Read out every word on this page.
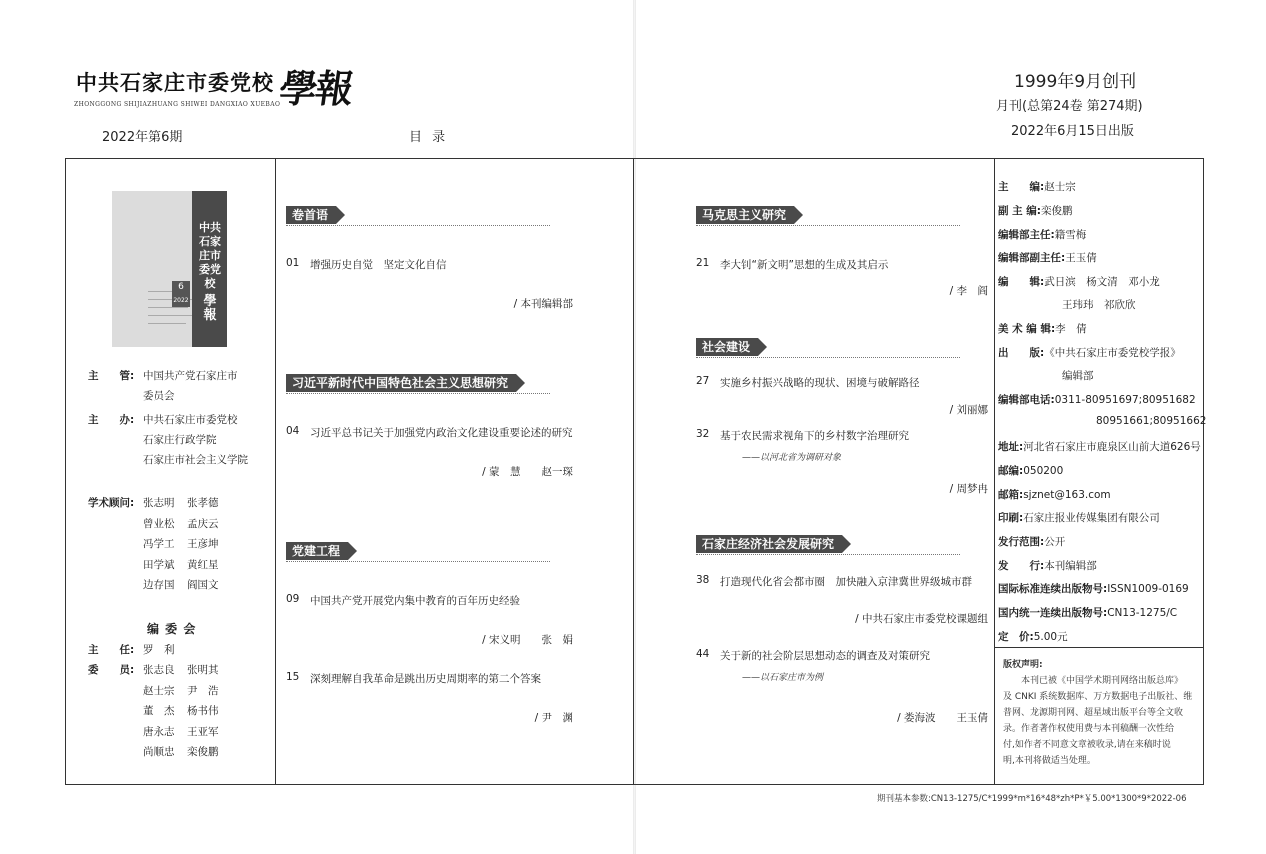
中共石家庄市委党校 學報
ZHONGGONG SHIJIAZHUANG SHIWEI DANGXIAO XUEBAO
2022年第6期	目 录
1999年9月创刊
月刊(总第24卷 第274期)
2022年6月15日出版
6
2022
中共石家庄市委党校
學報
主　　管: 中国共产党石家庄市
委员会
主　　办: 中共石家庄市委党校
石家庄行政学院
石家庄市社会主义学院
学术顾问: 张志明 张孝德
曾业松 孟庆云
冯学工 王彦坤
田学斌 黄红星
边存国 阎国文
编 委 会
主　　任: 罗　利
委　　员: 张志良 张明其
赵士宗 尹　浩
董　杰 杨书伟
唐永志 王亚军
尚顺忠 栾俊鹏
卷首语
01 增强历史自觉　坚定文化自信
/ 本刊编辑部
习近平新时代中国特色社会主义思想研究
04 习近平总书记关于加强党内政治文化建设重要论述的研究
/ 蒙　慧　　赵一琛
党建工程
09 中国共产党开展党内集中教育的百年历史经验
/ 宋义明　　张　娟
15 深刻理解自我革命是跳出历史周期率的第二个答案
/ 尹　渊
马克思主义研究
21 李大钊“新文明”思想的生成及其启示
/ 李　阎
社会建设
27 实施乡村振兴战略的现状、困境与破解路径
/ 刘丽娜
32 基于农民需求视角下的乡村数字治理研究
——以河北省为调研对象
/ 周梦冉
石家庄经济社会发展研究
38 打造现代化省会都市圈　加快融入京津冀世界级城市群
/ 中共石家庄市委党校课题组
44 关于新的社会阶层思想动态的调查及对策研究
——以石家庄市为例
/ 娄海波　　王玉倩
主　　编:赵士宗
副 主 编:栾俊鹏
编辑部主任:籍雪梅
编辑部副主任:王玉倩
编　　辑:武日滨　杨文清　邓小龙
王玮玮　祁欣欣
美 术 编 辑:李　倩
出　　版:《中共石家庄市委党校学报》
编辑部
编辑部电话:0311-80951697;80951682
80951661;80951662
地址:河北省石家庄市鹿泉区山前大道626号
邮编:050200
邮箱:sjznet@163.com
印刷:石家庄报业传媒集团有限公司
发行范围:公开
发　　行:本刊编辑部
国际标准连续出版物号:ISSN1009-0169
国内统一连续出版物号:CN13-1275/C
定　价:5.00元
版权声明:
　　本刊已被《中国学术期刊网络出版总库》
及 CNKI 系统数据库、万方数据电子出版社、维
普网、龙源期刊网、超星域出版平台等全文收
录。作者著作权使用费与本刊稿酬一次性给
付,如作者不同意文章被收录,请在来稿时说
明,本刊将做适当处理。
期刊基本参数:CN13-1275/C*1999*m*16*48*zh*P*￥5.00*1300*9*2022-06
